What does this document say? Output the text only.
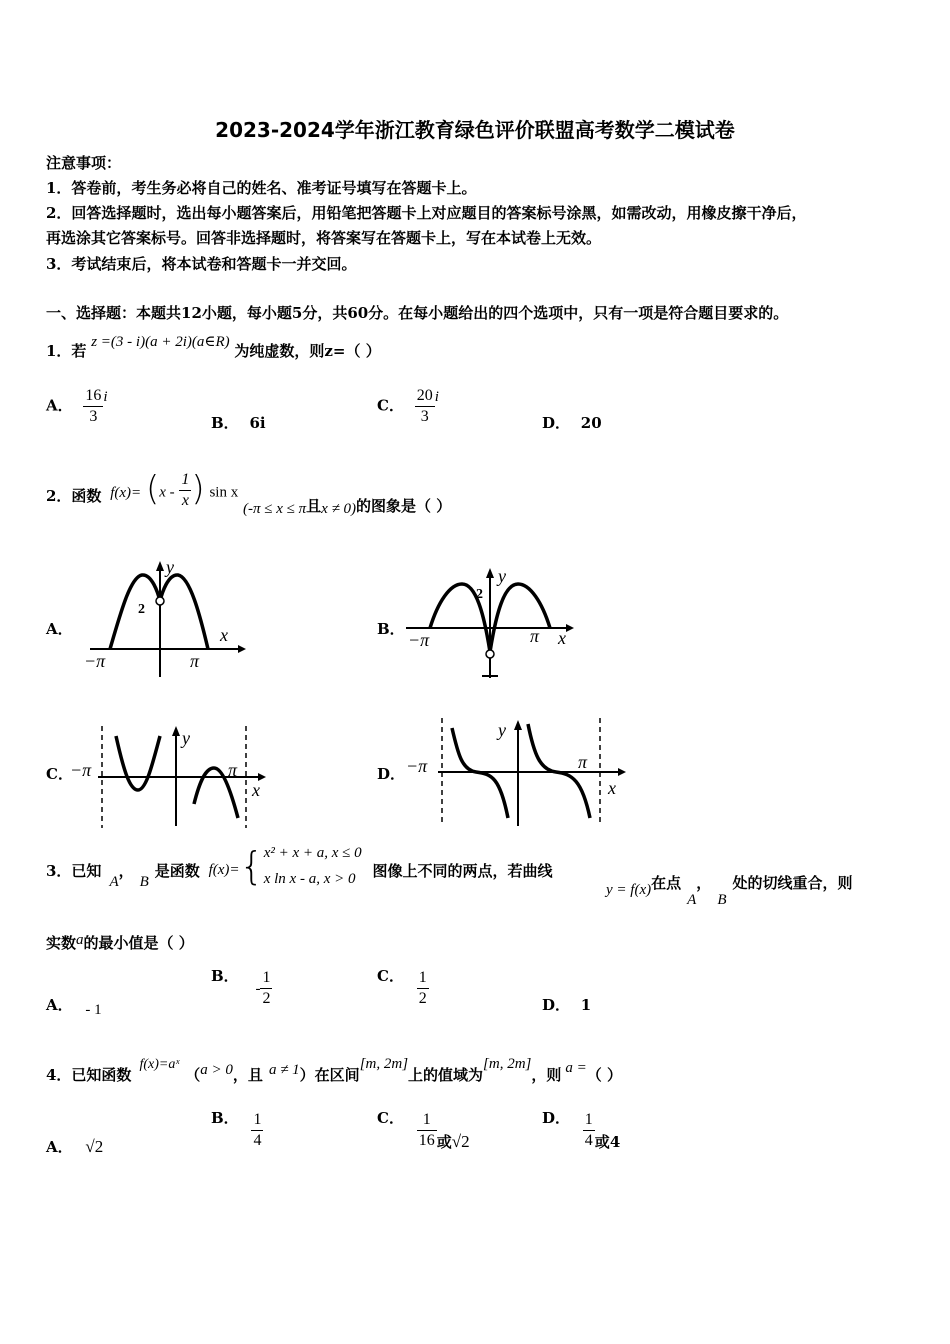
2023-2024学年浙江教育绿色评价联盟高考数学二模试卷
注意事项：
1．答卷前，考生务必将自己的姓名、准考证号填写在答题卡上。
2．回答选择题时，选出每小题答案后，用铅笔把答题卡上对应题目的答案标号涂黑，如需改动，用橡皮擦干净后，
再选涂其它答案标号。回答非选择题时，将答案写在答题卡上，写在本试卷上无效。
3．考试结束后，将本试卷和答题卡一并交回。
一、选择题：本题共12小题，每小题5分，共60分。在每小题给出的四个选项中，只有一项是符合题目要求的。
1．若 z =(3 - i)(a + 2i)(a∈R) 为纯虚数，则z=（ ）
A． $\frac{16}{3}$ i
B． 6i
C． $\frac{20}{3}$ i
D． 20
2．函数 $f(x)= (x - \frac{1}{x}$ ) sin x (-π ≤ x ≤ π且x ≠ 0)的图象是（ ）
A．	B．
C．	D．
2
y
x
−π	π
2
y
x
−π	π
−π	π
y
x
−π	π
y
x
3．已知A，B是函数 f(x)={ x² + x + a, x ≤ 0
x ln x - a, x > 0	图像上不同的两点，若曲线
y = f(x)在点A，B处的切线重合，则
实数a的最小值是（ ）
A． - 1
B． - $\frac{1}{2}$	C． $\frac{1}{2}$	D． 1
4．已知函数f(x)=aˣ（a > 0，且 a ≠ 1）在区间[m, 2m]上的值域为[m, 2m]，则 a =（ ）
A． √2
B． $\frac{1}{4}$	C． $\frac{1}{16}$ 或√2
D． $\frac{1}{4}$ 或4
